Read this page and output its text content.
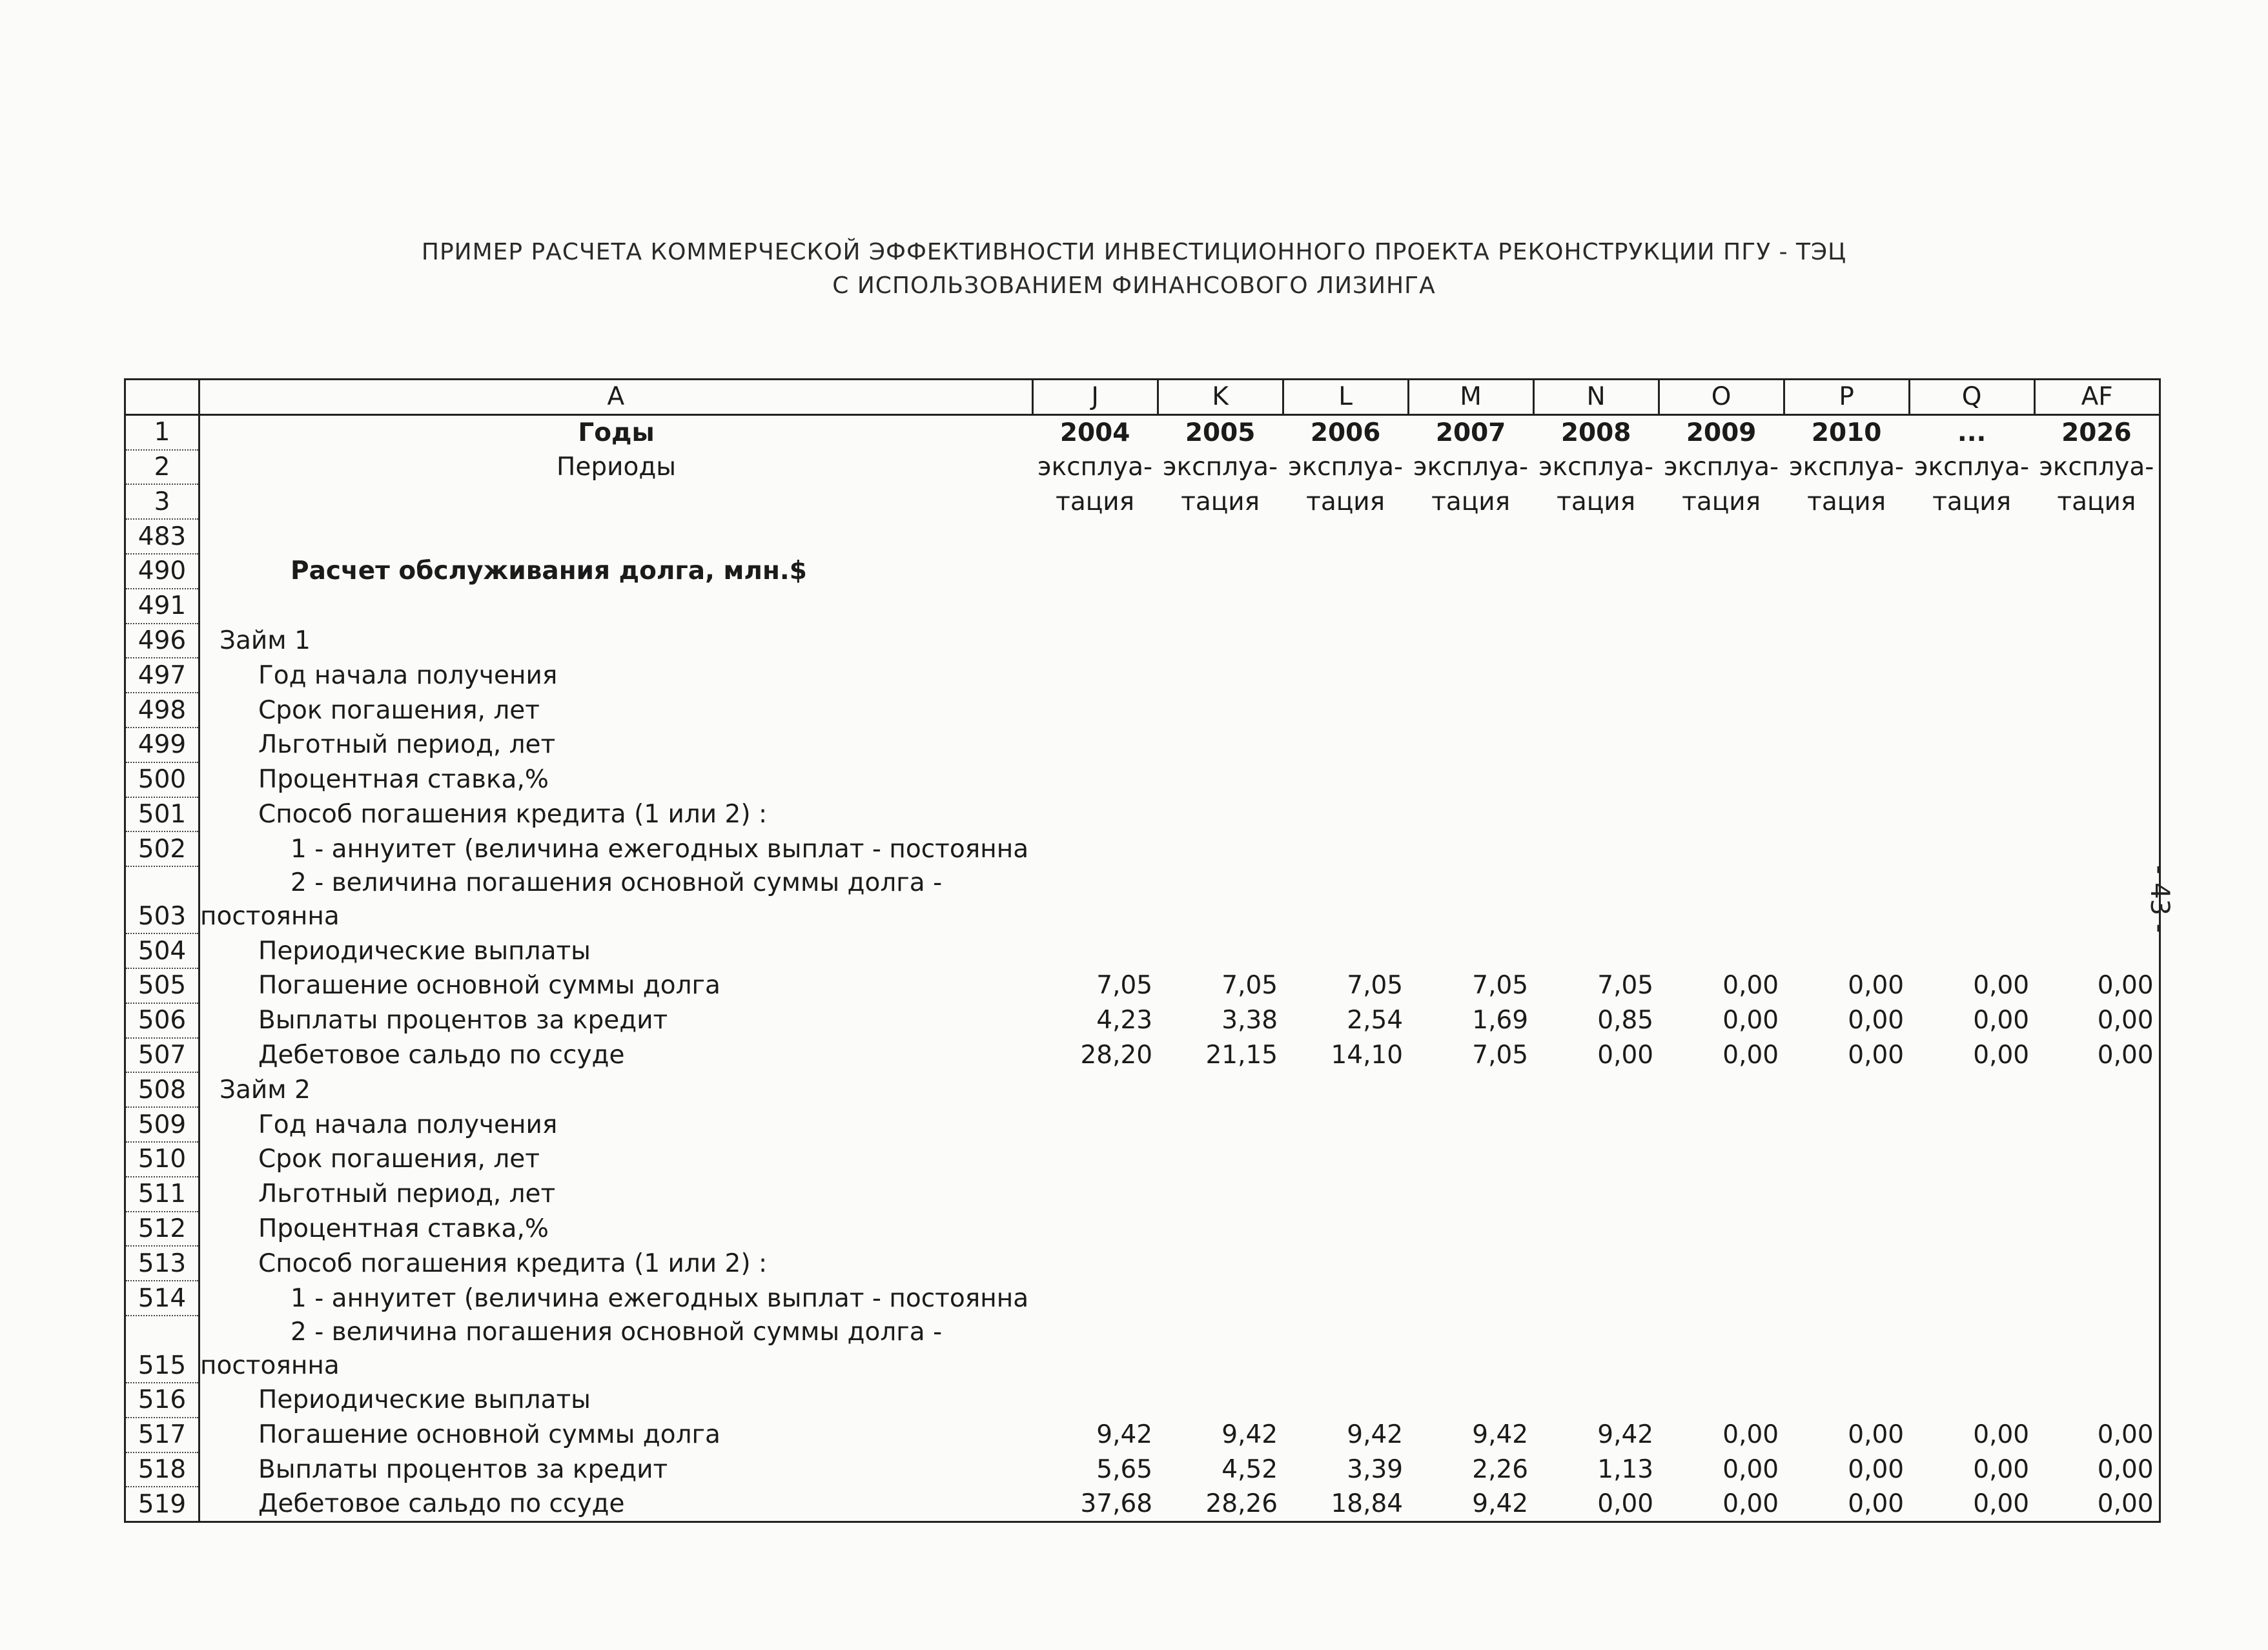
ПРИМЕР РАСЧЕТА КОММЕРЧЕСКОЙ ЭФФЕКТИВНОСТИ ИНВЕСТИЦИОННОГО ПРОЕКТА РЕКОНСТРУКЦИИ ПГУ - ТЭЦ
С ИСПОЛЬЗОВАНИЕМ ФИНАНСОВОГО ЛИЗИНГА
- 43 -
	A	J	K	L	M	N	O	P	Q	AF
1	Годы	2004	2005	2006	2007	2008	2009	2010	...	2026
2	Периоды	эксплуа-	эксплуа-	эксплуа-	эксплуа-	эксплуа-	эксплуа-	эксплуа-	эксплуа-	эксплуа-
3		тация	тация	тация	тация	тация	тация	тация	тация	тация
483										
490	Расчет обслуживания долга, млн.$									
491										
496	Займ 1									
497	Год начала получения									
498	Срок погашения, лет									
499	Льготный период, лет									
500	Процентная ставка,%									
501	Способ погашения кредита (1 или 2) :									
502	1 - аннуитет (величина ежегодных выплат - постоянна									
503	2 - величина погашения основной суммы долга -
постоянна									
504	Периодические выплаты									
505	Погашение основной суммы долга	7,05	7,05	7,05	7,05	7,05	0,00	0,00	0,00	0,00
506	Выплаты процентов за кредит	4,23	3,38	2,54	1,69	0,85	0,00	0,00	0,00	0,00
507	Дебетовое сальдо по ссуде	28,20	21,15	14,10	7,05	0,00	0,00	0,00	0,00	0,00
508	Займ 2									
509	Год начала получения									
510	Срок погашения, лет									
511	Льготный период, лет									
512	Процентная ставка,%									
513	Способ погашения кредита (1 или 2) :									
514	1 - аннуитет (величина ежегодных выплат - постоянна									
515	2 - величина погашения основной суммы долга -
постоянна									
516	Периодические выплаты									
517	Погашение основной суммы долга	9,42	9,42	9,42	9,42	9,42	0,00	0,00	0,00	0,00
518	Выплаты процентов за кредит	5,65	4,52	3,39	2,26	1,13	0,00	0,00	0,00	0,00
519	Дебетовое сальдо по ссуде	37,68	28,26	18,84	9,42	0,00	0,00	0,00	0,00	0,00
